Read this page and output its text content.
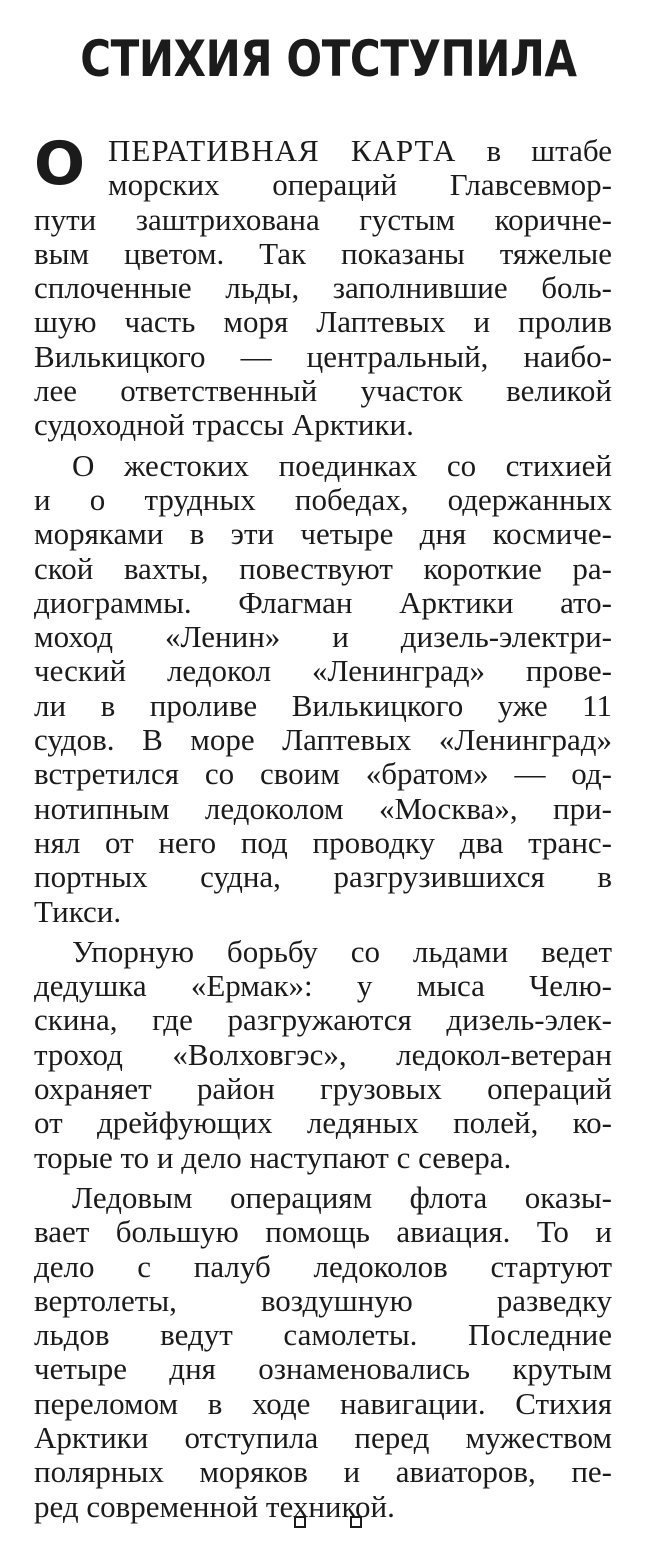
СТИХИЯ ОТСТУПИЛА
О ПЕРАТИВНАЯ КАРТА в штабе
морских операций Главсевмор-
пути заштрихована густым коричне-
вым цветом. Так показаны тяжелые
сплоченные льды, заполнившие боль-
шую часть моря Лаптевых и пролив
Вилькицкого — центральный, наибо-
лее ответственный участок великой
судоходной трассы Арктики.
О жестоких поединках со стихией
и о трудных победах, одержанных
моряками в эти четыре дня космиче-
ской вахты, повествуют короткие ра-
диограммы. Флагман Арктики ато-
моход «Ленин» и дизель-электри-
ческий ледокол «Ленинград» прове-
ли в проливе Вилькицкого уже 11
судов. В море Лаптевых «Ленинград»
встретился со своим «братом» — од-
нотипным ледоколом «Москва», при-
нял от него под проводку два транс-
портных судна, разгрузившихся в
Тикси.
Упорную борьбу со льдами ведет
дедушка «Ермак»: у мыса Челю-
скина, где разгружаются дизель-элек-
троход «Волховгэс», ледокол-ветеран
охраняет район грузовых операций
от дрейфующих ледяных полей, ко-
торые то и дело наступают с севера.
Ледовым операциям флота оказы-
вает большую помощь авиация. То и
дело с палуб ледоколов стартуют
вертолеты, воздушную разведку
льдов ведут самолеты. Последние
четыре дня ознаменовались крутым
переломом в ходе навигации. Стихия
Арктики отступила перед мужеством
полярных моряков и авиаторов, пе-
ред современной техникой.
